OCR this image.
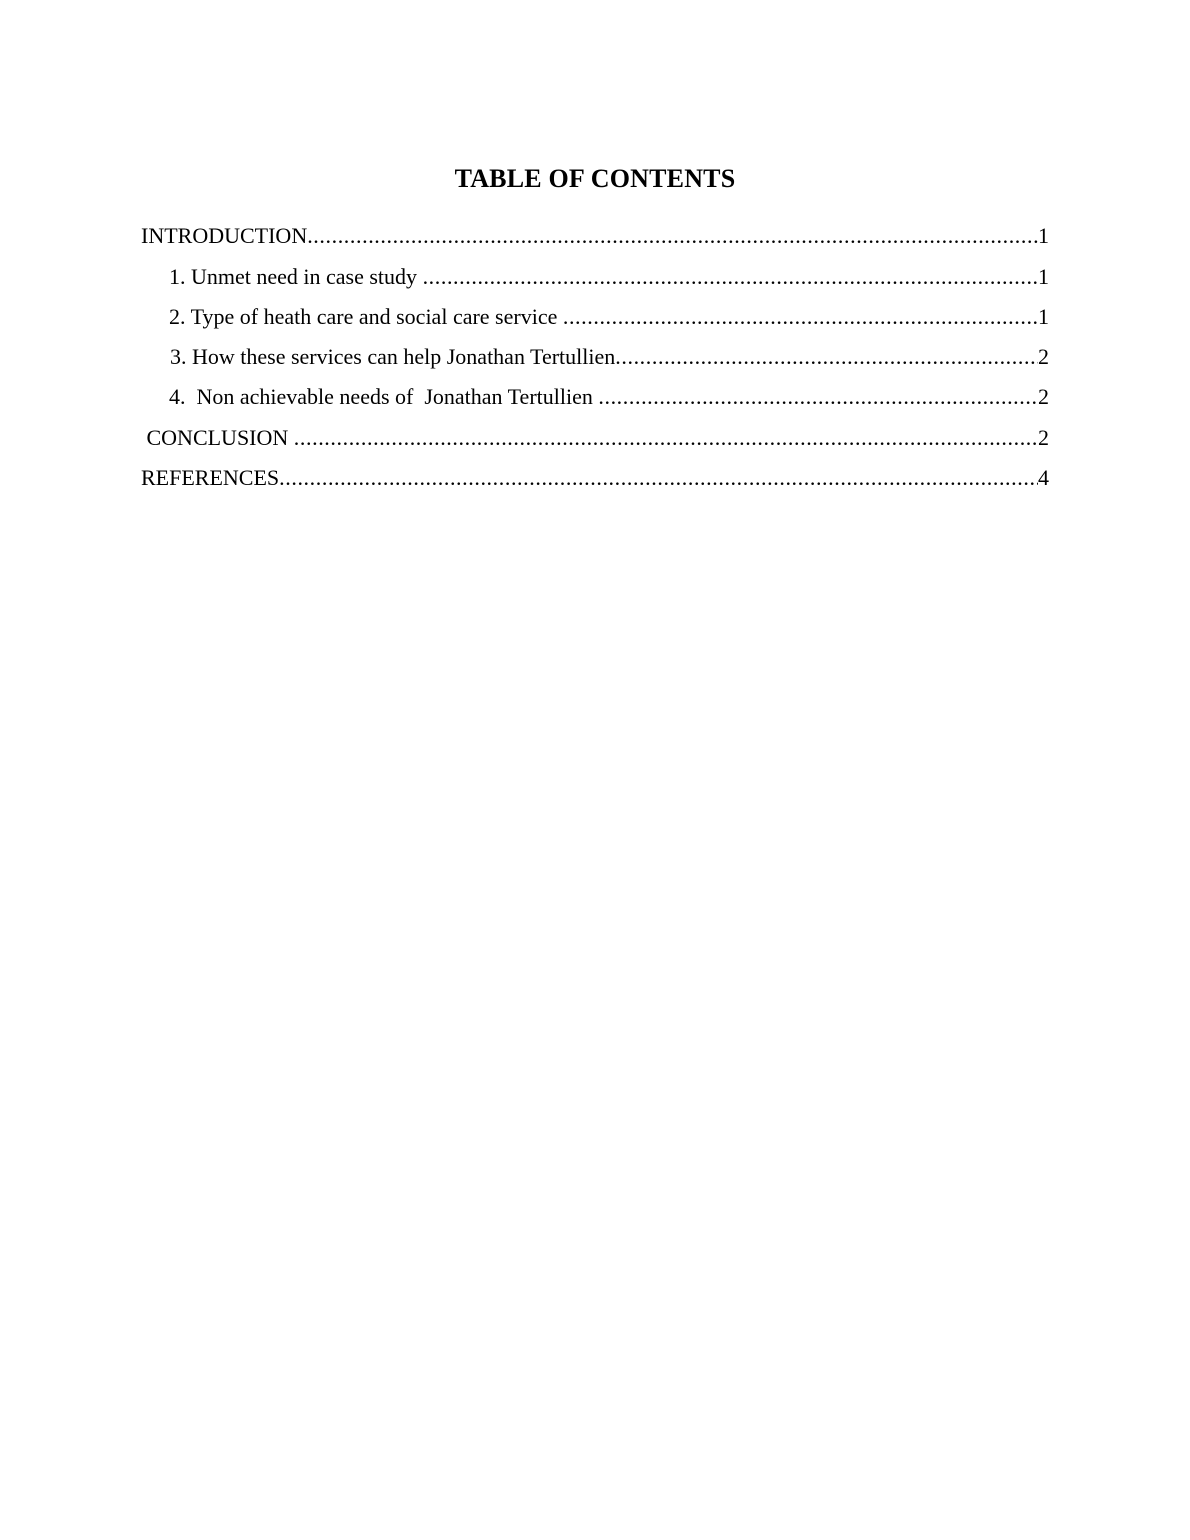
TABLE OF CONTENTS
INTRODUCTION .....	1
1. Unmet need in case study .....	1
2. Type of heath care and social care service .....	1
3. How these services can help Jonathan Tertullien .....	2
4.  Non achievable needs of  Jonathan Tertullien .....	2
CONCLUSION .....	2
REFERENCES .....	4
